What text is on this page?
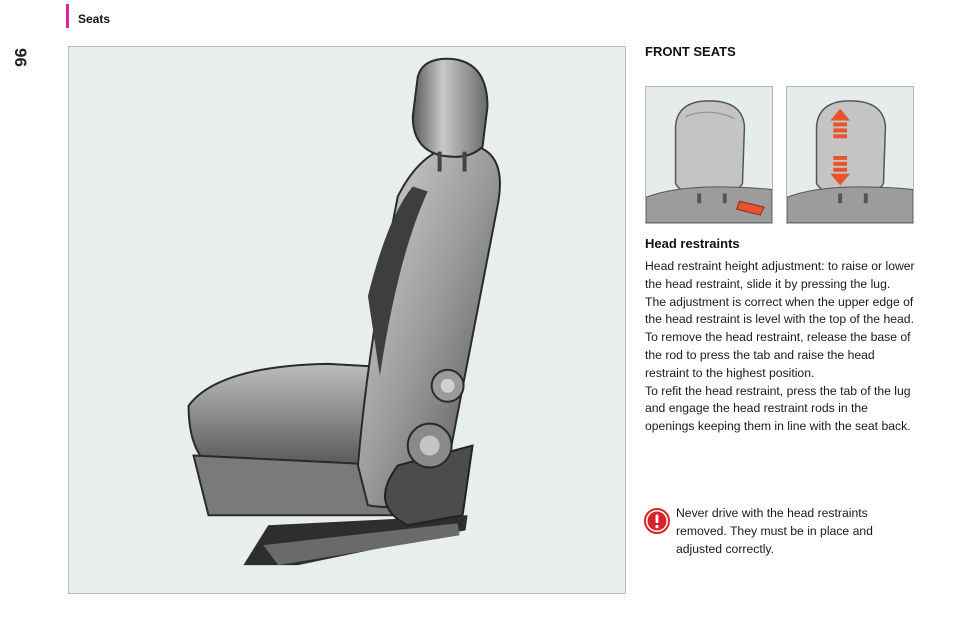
Seats
96	FRONT SEATS
Head restraints

Head restraint height adjustment: to raise or lower the head restraint, slide it by pressing the lug.

The adjustment is correct when the upper edge of the head restraint is level with the top of the head.

To remove the head restraint, release the base of the rod to press the tab and raise the head restraint to the highest position.

To refit the head restraint, press the tab of the lug and engage the head restraint rods in the openings keeping them in line with the seat back.

Never drive with the head restraints removed. They must be in place and adjusted correctly.
